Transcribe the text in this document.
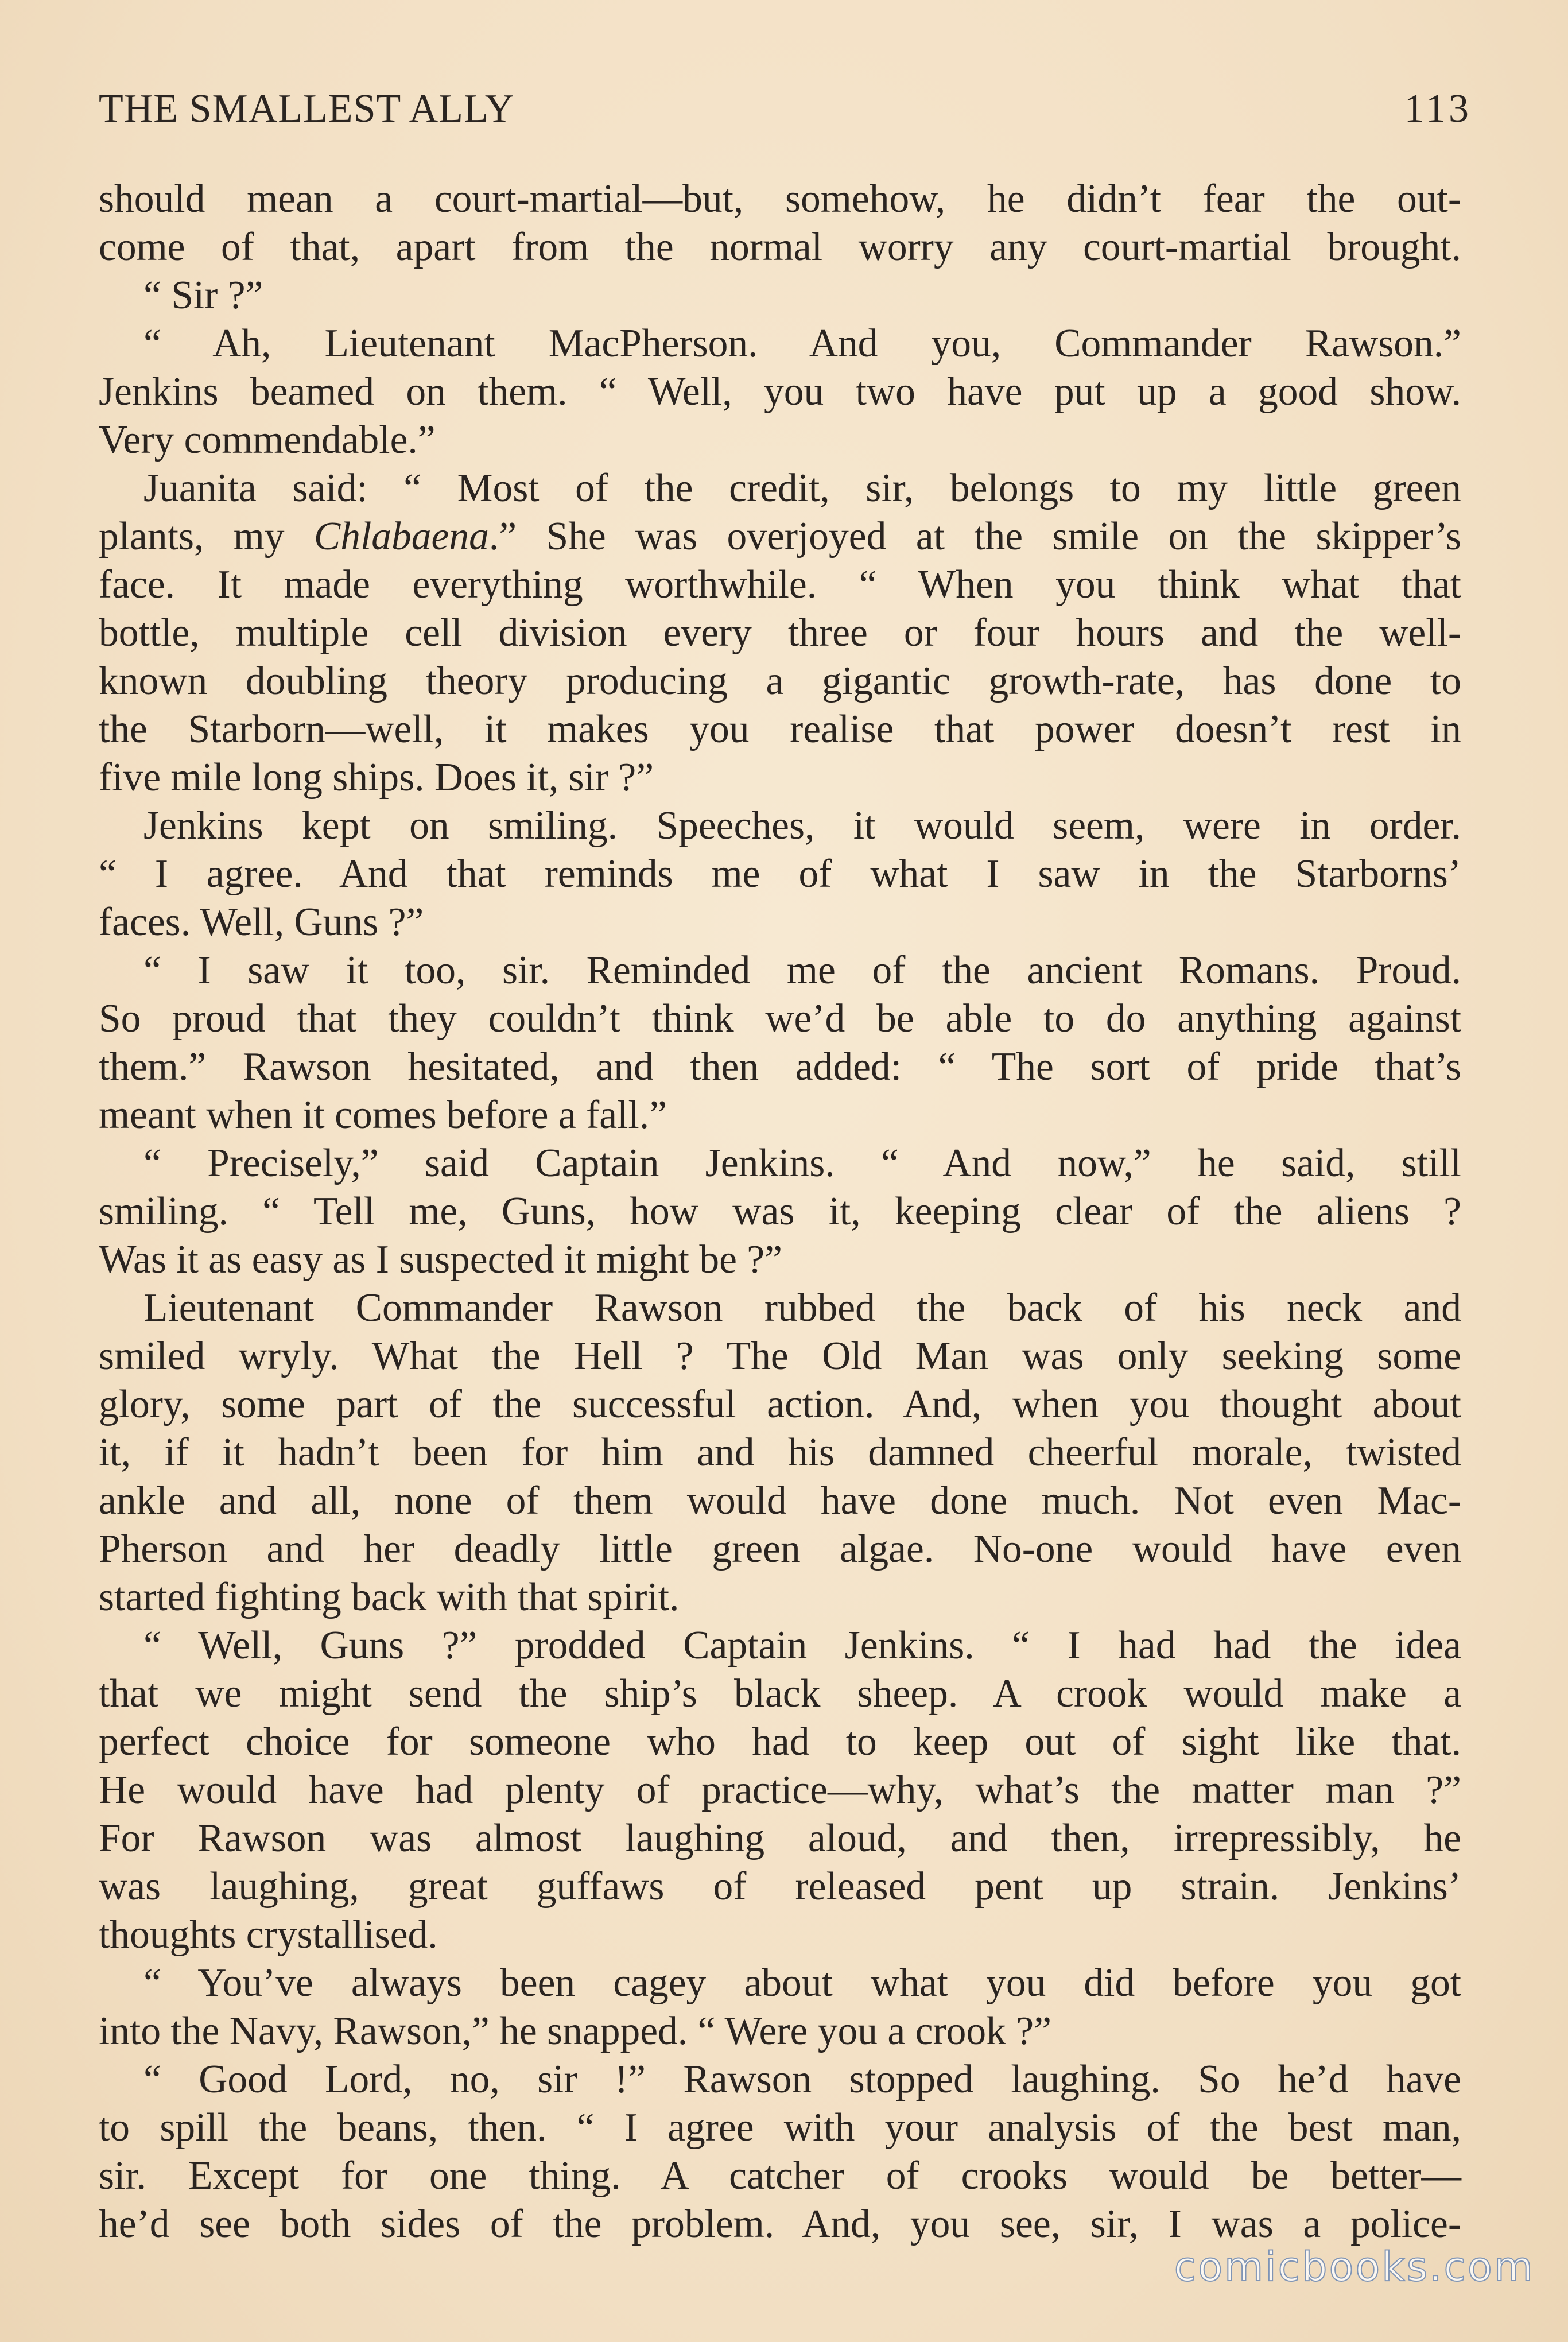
THE SMALLEST ALLY	113
should mean a court-martial—but, somehow, he didn’t fear the out-
come of that, apart from the normal worry any court-martial brought.
“ Sir ?”
“ Ah, Lieutenant MacPherson. And you, Commander Rawson.”
Jenkins beamed on them. “ Well, you two have put up a good show.
Very commendable.”
Juanita said: “ Most of the credit, sir, belongs to my little green
plants, my Chlabaena.” She was overjoyed at the smile on the skipper’s
face. It made everything worthwhile. “ When you think what that
bottle, multiple cell division every three or four hours and the well-
known doubling theory producing a gigantic growth-rate, has done to
the Starborn—well, it makes you realise that power doesn’t rest in
five mile long ships. Does it, sir ?”
Jenkins kept on smiling. Speeches, it would seem, were in order.
“ I agree. And that reminds me of what I saw in the Starborns’
faces. Well, Guns ?”
“ I saw it too, sir. Reminded me of the ancient Romans. Proud.
So proud that they couldn’t think we’d be able to do anything against
them.” Rawson hesitated, and then added: “ The sort of pride that’s
meant when it comes before a fall.”
“ Precisely,” said Captain Jenkins. “ And now,” he said, still
smiling. “ Tell me, Guns, how was it, keeping clear of the aliens ?
Was it as easy as I suspected it might be ?”
Lieutenant Commander Rawson rubbed the back of his neck and
smiled wryly. What the Hell ? The Old Man was only seeking some
glory, some part of the successful action. And, when you thought about
it, if it hadn’t been for him and his damned cheerful morale, twisted
ankle and all, none of them would have done much. Not even Mac-
Pherson and her deadly little green algae. No-one would have even
started fighting back with that spirit.
“ Well, Guns ?” prodded Captain Jenkins. “ I had had the idea
that we might send the ship’s black sheep. A crook would make a
perfect choice for someone who had to keep out of sight like that.
He would have had plenty of practice—why, what’s the matter man ?”
For Rawson was almost laughing aloud, and then, irrepressibly, he
was laughing, great guffaws of released pent up strain. Jenkins’
thoughts crystallised.
“ You’ve always been cagey about what you did before you got
into the Navy, Rawson,” he snapped. “ Were you a crook ?”
“ Good Lord, no, sir !” Rawson stopped laughing. So he’d have
to spill the beans, then. “ I agree with your analysis of the best man,
sir. Except for one thing. A catcher of crooks would be better—
he’d see both sides of the problem. And, you see, sir, I was a police-
comicbooks.com
